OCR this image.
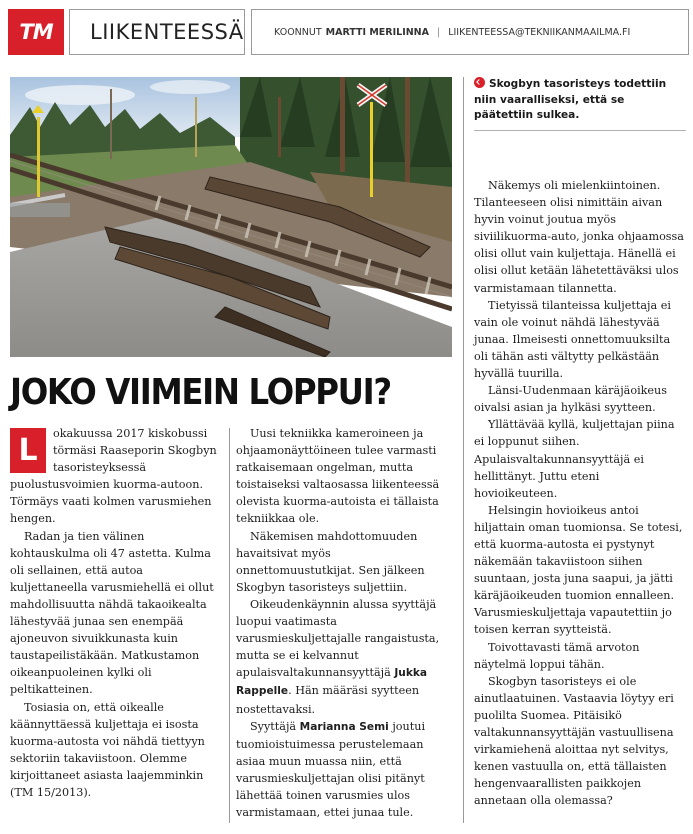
TM	LIIKENTEESSÄ	KOONNUT MARTTI MERILINNA | LIIKENTEESSA@TEKNIIKANMAAILMA.FI
Skogbyn tasoristeys todettiin niin vaaralliseksi, että se päätettiin sulkea.
JOKO VIIMEIN LOPPUI?

L	okakuussa 2017 kiskobussi törmäsi Raaseporin Skogbyn tasoristeyksessä puolustusvoimien kuorma-autoon. Törmäys vaati kolmen varusmiehen hengen.

Radan ja tien välinen kohtauskulma oli 47 astetta. Kulma oli sellainen, että autoa kuljettaneella varusmiehellä ei ollut mahdollisuutta nähdä takaoikealta lähestyvää junaa sen enempää ajoneuvon sivuikkunasta kuin taustapeilistäkään. Matkustamon oikeanpuoleinen kylki oli peltikatteinen.

Tosiasia on, että oikealle käännyttäessä kuljettaja ei isosta kuorma-autosta voi nähdä tiettyyn sektoriin takaviistoon. Olemme kirjoittaneet asiasta laajemminkin (TM 15/2013).

Uusi tekniikka kameroineen ja ohjaamonäyttöineen tulee varmasti ratkaisemaan ongelman, mutta toistaiseksi valtaosassa liikenteessä olevista kuorma-autoista ei tällaista tekniikkaa ole.

Näkemisen mahdottomuuden havaitsivat myös onnettomuustutkijat. Sen jälkeen Skogbyn tasoristeys suljettiin.

Oikeudenkäynnin alussa syyttäjä luopui vaatimasta varusmieskuljettajalle rangaistusta, mutta se ei kelvannut apulaisvaltakunnansyyttäjä Jukka Rappelle. Hän määräsi syytteen nostettavaksi.

Syyttäjä Marianna Semi joutui tuomioistuimessa perustelemaan asiaa muun muassa niin, että varusmieskuljettajan olisi pitänyt lähettää toinen varusmies ulos varmistamaan, ettei junaa tule.

Näkemys oli mielenkiintoinen. Tilanteeseen olisi nimittäin aivan hyvin voinut joutua myös siviilikuorma-auto, jonka ohjaamossa olisi ollut vain kuljettaja. Hänellä ei olisi ollut ketään lähetettäväksi ulos varmistamaan tilannetta.

Tietyissä tilanteissa kuljettaja ei vain ole voinut nähdä lähestyvää junaa. Ilmeisesti onnettomuuksilta oli tähän asti vältytty pelkästään hyvällä tuurilla.

Länsi-Uudenmaan käräjäoikeus oivalsi asian ja hylkäsi syytteen.

Yllättävää kyllä, kuljettajan piina ei loppunut siihen. Apulaisvaltakunnansyyttäjä ei hellittänyt. Juttu eteni hovioikeuteen.

Helsingin hovioikeus antoi hiljattain oman tuomionsa. Se totesi, että kuorma-autosta ei pystynyt näkemään takaviistoon siihen suuntaan, josta juna saapui, ja jätti käräjäoikeuden tuomion ennalleen. Varusmieskuljettaja vapautettiin jo toisen kerran syytteistä.

Toivottavasti tämä arvoton näytelmä loppui tähän.

Skogbyn tasoristeys ei ole ainutlaatuinen. Vastaavia löytyy eri puolilta Suomea. Pitäisikö valtakunnansyyttäjän vastuullisena virkamiehenä aloittaa nyt selvitys, kenen vastuulla on, että tällaisten hengenvaarallisten paikkojen annetaan olla olemassa?
